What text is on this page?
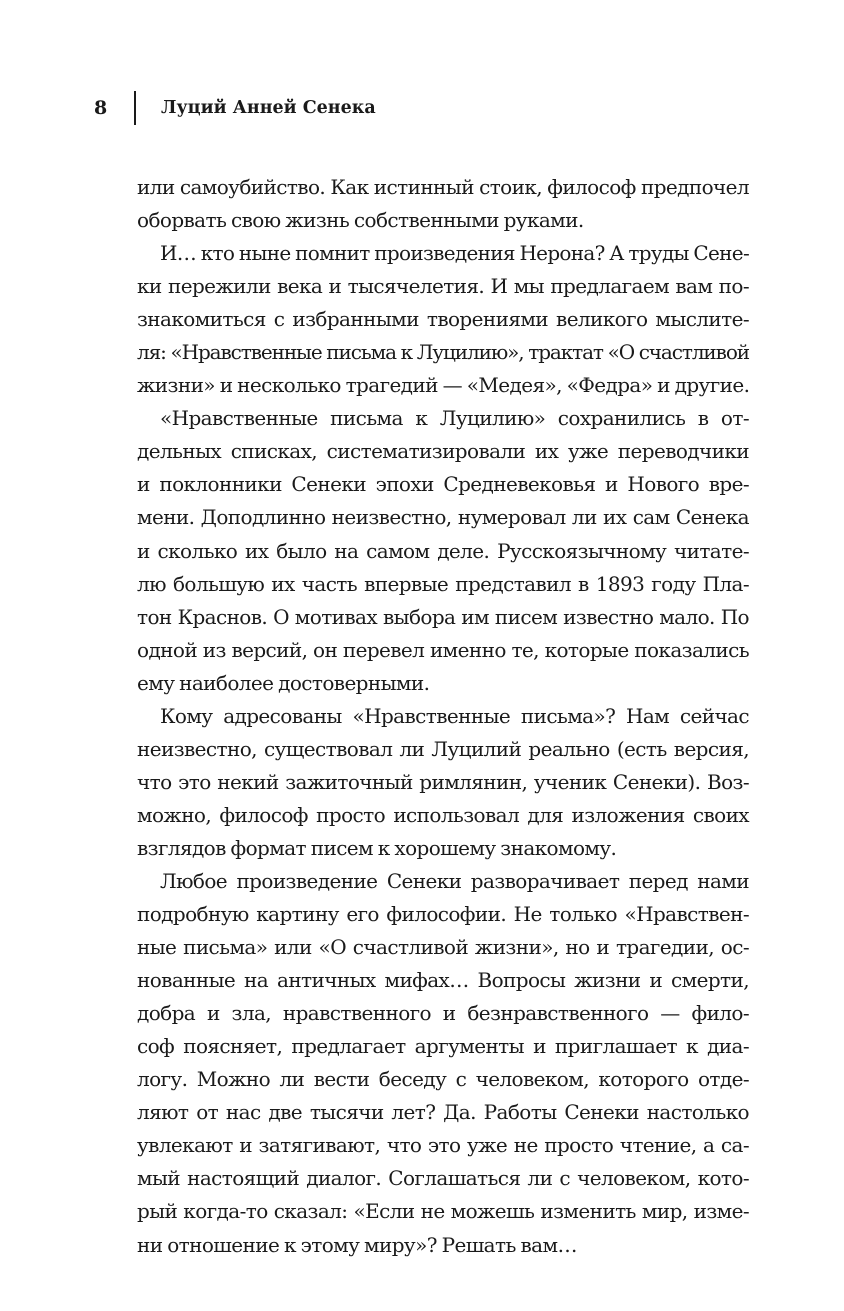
8	Луций Анней Сенека
или самоубийство. Как истинный стоик, философ предпочел
оборвать свою жизнь собственными руками.
И… кто ныне помнит произведения Нерона? А труды Сене-
ки пережили века и тысячелетия. И мы предлагаем вам по-
знакомиться с избранными творениями великого мыслите-
ля: «Нравственные письма к Луцилию», трактат «О счастливой
жизни» и несколько трагедий — «Медея», «Федра» и другие.
«Нравственные письма к Луцилию» сохранились в от-
дельных списках, систематизировали их уже переводчики
и поклонники Сенеки эпохи Средневековья и Нового вре-
мени. Доподлинно неизвестно, нумеровал ли их сам Сенека
и сколько их было на самом деле. Русскоязычному читате-
лю большую их часть впервые представил в 1893 году Пла-
тон Краснов. О мотивах выбора им писем известно мало. По
одной из версий, он перевел именно те, которые показались
ему наиболее достоверными.
Кому адресованы «Нравственные письма»? Нам сейчас
неизвестно, существовал ли Луцилий реально (есть версия,
что это некий зажиточный римлянин, ученик Сенеки). Воз-
можно, философ просто использовал для изложения своих
взглядов формат писем к хорошему знакомому.
Любое произведение Сенеки разворачивает перед нами
подробную картину его философии. Не только «Нравствен-
ные письма» или «О счастливой жизни», но и трагедии, ос-
нованные на античных мифах… Вопросы жизни и смерти,
добра и зла, нравственного и безнравственного — фило-
соф поясняет, предлагает аргументы и приглашает к диа-
логу. Можно ли вести беседу с человеком, которого отде-
ляют от нас две тысячи лет? Да. Работы Сенеки настолько
увлекают и затягивают, что это уже не просто чтение, а са-
мый настоящий диалог. Соглашаться ли с человеком, кото-
рый когда-то сказал: «Если не можешь изменить мир, изме-
ни отношение к этому миру»? Решать вам…
